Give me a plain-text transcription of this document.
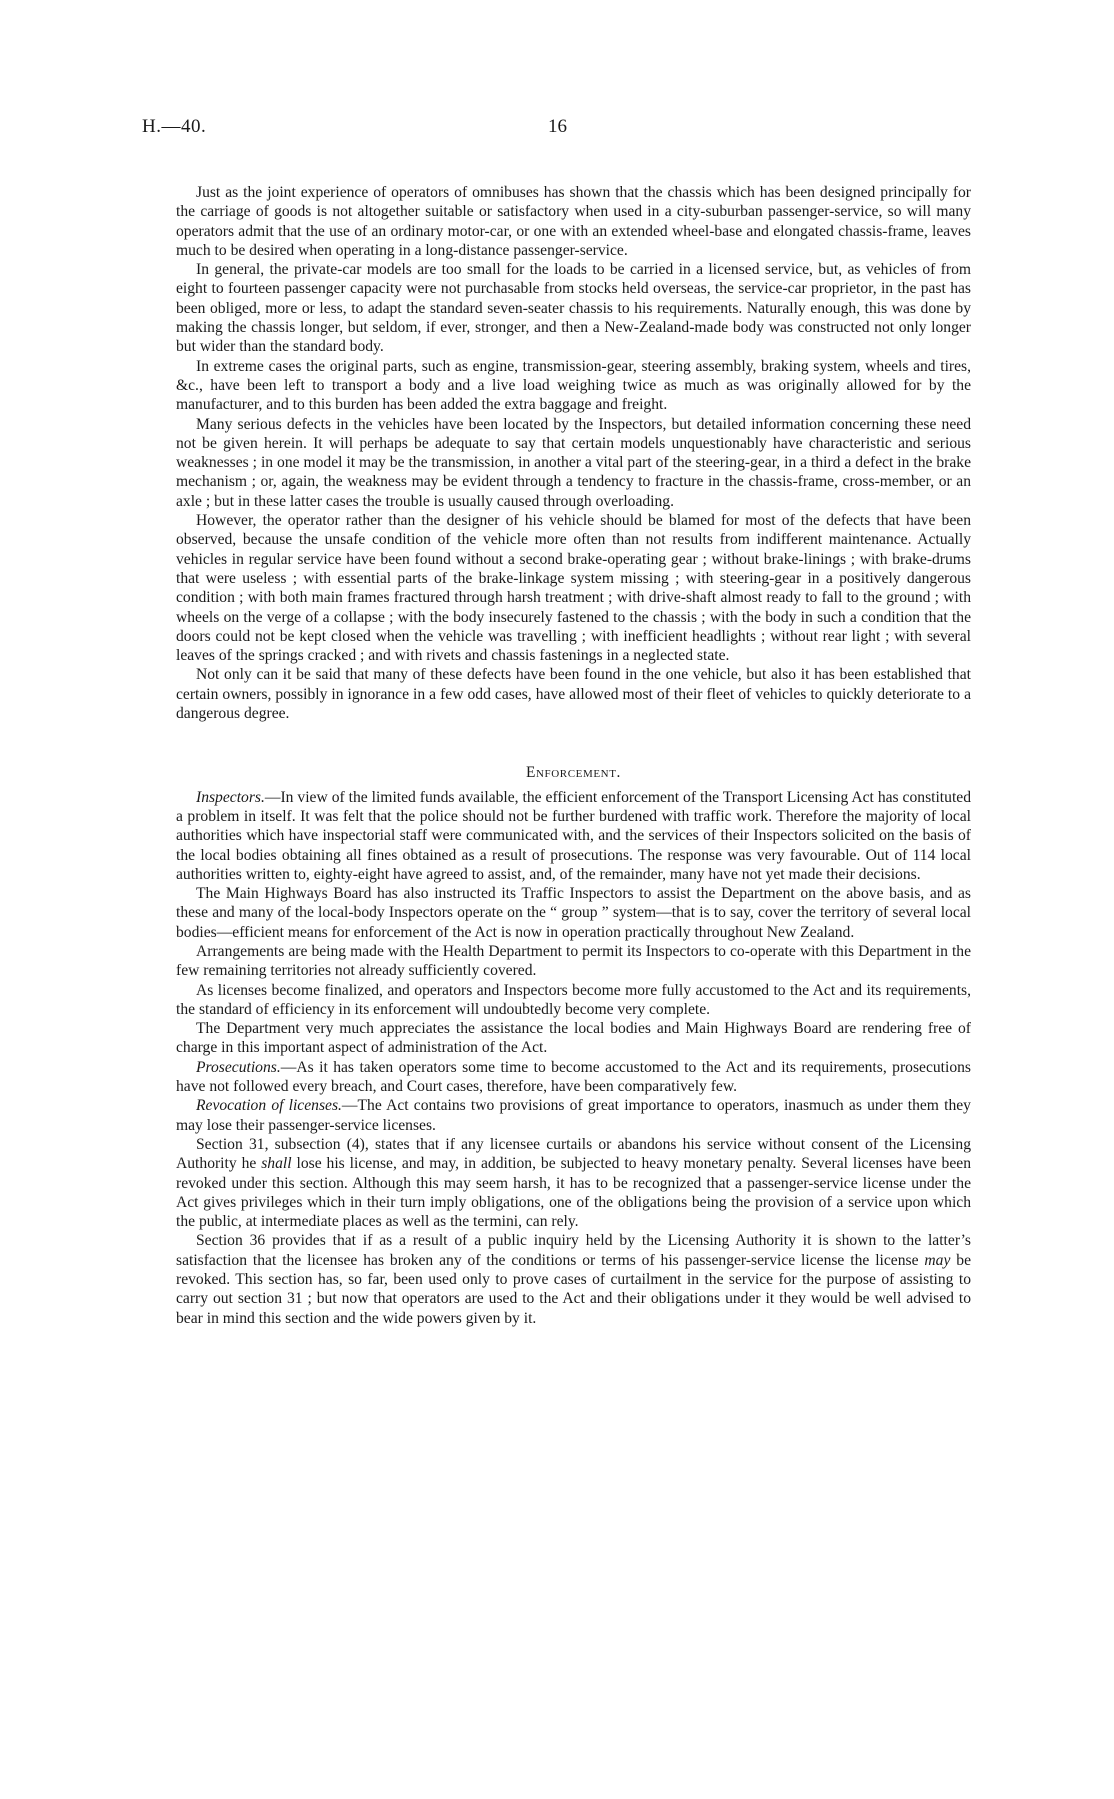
H.—40.	16

Just as the joint experience of operators of omnibuses has shown that the chassis which has been designed principally for the carriage of goods is not altogether suitable or satisfactory when used in a city-suburban passenger-service, so will many operators admit that the use of an ordinary motor-car, or one with an extended wheel-base and elongated chassis-frame, leaves much to be desired when operating in a long-distance passenger-service.

In general, the private-car models are too small for the loads to be carried in a licensed service, but, as vehicles of from eight to fourteen passenger capacity were not purchasable from stocks held overseas, the service-car proprietor, in the past has been obliged, more or less, to adapt the standard seven-seater chassis to his requirements. Naturally enough, this was done by making the chassis longer, but seldom, if ever, stronger, and then a New-Zealand-made body was constructed not only longer but wider than the standard body.

In extreme cases the original parts, such as engine, transmission-gear, steering assembly, braking system, wheels and tires, &c., have been left to transport a body and a live load weighing twice as much as was originally allowed for by the manufacturer, and to this burden has been added the extra baggage and freight.

Many serious defects in the vehicles have been located by the Inspectors, but detailed information concerning these need not be given herein. It will perhaps be adequate to say that certain models unquestionably have characteristic and serious weaknesses ; in one model it may be the transmission, in another a vital part of the steering-gear, in a third a defect in the brake mechanism ; or, again, the weakness may be evident through a tendency to fracture in the chassis-frame, cross-member, or an axle ; but in these latter cases the trouble is usually caused through overloading.

However, the operator rather than the designer of his vehicle should be blamed for most of the defects that have been observed, because the unsafe condition of the vehicle more often than not results from indifferent maintenance. Actually vehicles in regular service have been found without a second brake-operating gear ; without brake-linings ; with brake-drums that were useless ; with essential parts of the brake-linkage system missing ; with steering-gear in a positively dangerous condition ; with both main frames fractured through harsh treatment ; with drive-shaft almost ready to fall to the ground ; with wheels on the verge of a collapse ; with the body insecurely fastened to the chassis ; with the body in such a condition that the doors could not be kept closed when the vehicle was travelling ; with inefficient headlights ; without rear light ; with several leaves of the springs cracked ; and with rivets and chassis fastenings in a neglected state.

Not only can it be said that many of these defects have been found in the one vehicle, but also it has been established that certain owners, possibly in ignorance in a few odd cases, have allowed most of their fleet of vehicles to quickly deteriorate to a dangerous degree.

Enforcement.

Inspectors.—In view of the limited funds available, the efficient enforcement of the Transport Licensing Act has constituted a problem in itself. It was felt that the police should not be further burdened with traffic work. Therefore the majority of local authorities which have inspectorial staff were communicated with, and the services of their Inspectors solicited on the basis of the local bodies obtaining all fines obtained as a result of prosecutions. The response was very favourable. Out of 114 local authorities written to, eighty-eight have agreed to assist, and, of the remainder, many have not yet made their decisions.

The Main Highways Board has also instructed its Traffic Inspectors to assist the Department on the above basis, and as these and many of the local-body Inspectors operate on the “ group ” system—that is to say, cover the territory of several local bodies—efficient means for enforcement of the Act is now in operation practically throughout New Zealand.

Arrangements are being made with the Health Department to permit its Inspectors to co-operate with this Department in the few remaining territories not already sufficiently covered.

As licenses become finalized, and operators and Inspectors become more fully accustomed to the Act and its requirements, the standard of efficiency in its enforcement will undoubtedly become very complete.

The Department very much appreciates the assistance the local bodies and Main Highways Board are rendering free of charge in this important aspect of administration of the Act.

Prosecutions.—As it has taken operators some time to become accustomed to the Act and its requirements, prosecutions have not followed every breach, and Court cases, therefore, have been comparatively few.

Revocation of licenses.—The Act contains two provisions of great importance to operators, inasmuch as under them they may lose their passenger-service licenses.

Section 31, subsection (4), states that if any licensee curtails or abandons his service without consent of the Licensing Authority he shall lose his license, and may, in addition, be subjected to heavy monetary penalty. Several licenses have been revoked under this section. Although this may seem harsh, it has to be recognized that a passenger-service license under the Act gives privileges which in their turn imply obligations, one of the obligations being the provision of a service upon which the public, at intermediate places as well as the termini, can rely.

Section 36 provides that if as a result of a public inquiry held by the Licensing Authority it is shown to the latter’s satisfaction that the licensee has broken any of the conditions or terms of his passenger-service license the license may be revoked. This section has, so far, been used only to prove cases of curtailment in the service for the purpose of assisting to carry out section 31 ; but now that operators are used to the Act and their obligations under it they would be well advised to bear in mind this section and the wide powers given by it.
